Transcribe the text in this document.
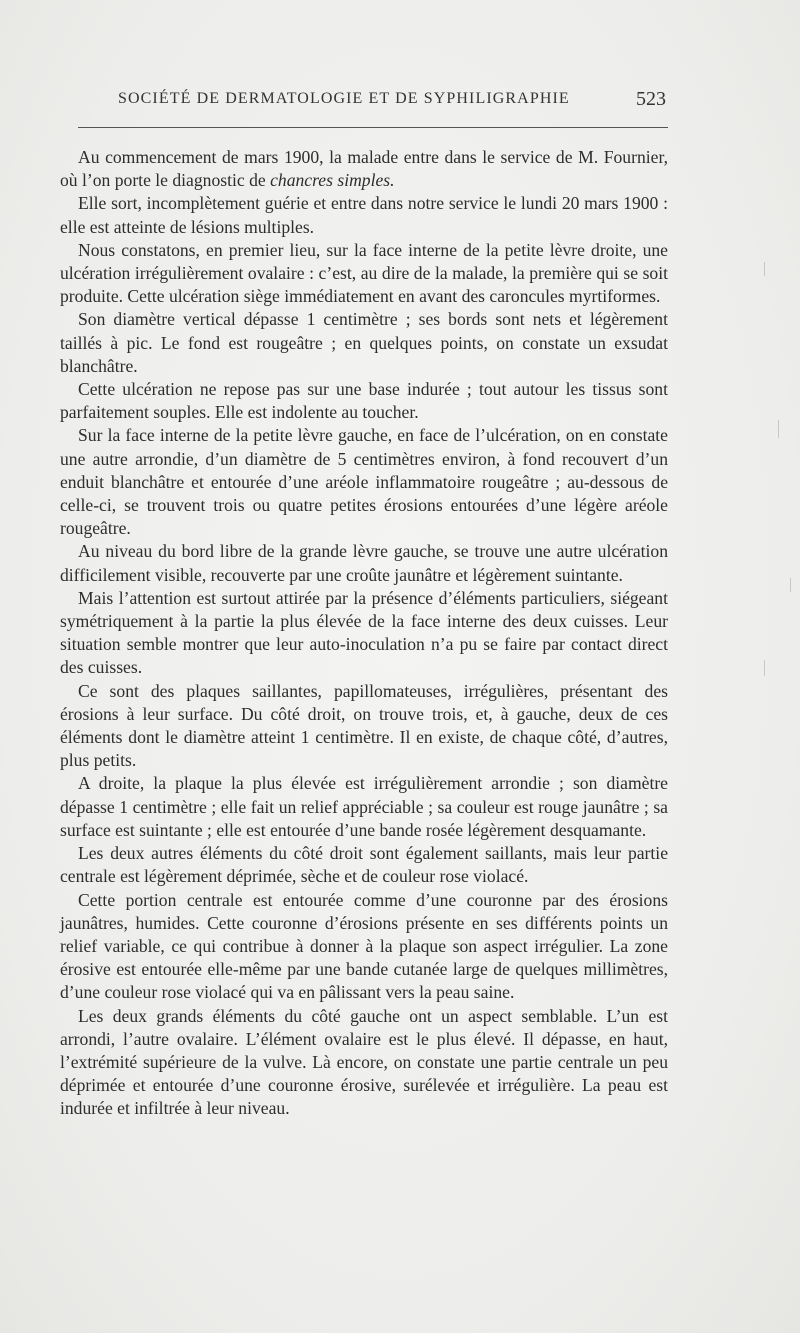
SOCIÉTÉ DE DERMATOLOGIE ET DE SYPHILIGRAPHIE	523

Au commencement de mars 1900, la malade entre dans le service de M. Fournier, où l’on porte le diagnostic de chancres simples.

Elle sort, incomplètement guérie et entre dans notre service le lundi 20 mars 1900 : elle est atteinte de lésions multiples.

Nous constatons, en premier lieu, sur la face interne de la petite lèvre droite, une ulcération irrégulièrement ovalaire : c’est, au dire de la malade, la première qui se soit produite. Cette ulcération siège immédiatement en avant des caroncules myrtiformes.

Son diamètre vertical dépasse 1 centimètre ; ses bords sont nets et légèrement taillés à pic. Le fond est rougeâtre ; en quelques points, on constate un exsudat blanchâtre.

Cette ulcération ne repose pas sur une base indurée ; tout autour les tissus sont parfaitement souples. Elle est indolente au toucher.

Sur la face interne de la petite lèvre gauche, en face de l’ulcération, on en constate une autre arrondie, d’un diamètre de 5 centimètres environ, à fond recouvert d’un enduit blanchâtre et entourée d’une aréole inflammatoire rougeâtre ; au-dessous de celle-ci, se trouvent trois ou quatre petites érosions entourées d’une légère aréole rougeâtre.

Au niveau du bord libre de la grande lèvre gauche, se trouve une autre ulcération difficilement visible, recouverte par une croûte jaunâtre et légèrement suintante.

Mais l’attention est surtout attirée par la présence d’éléments particuliers, siégeant symétriquement à la partie la plus élevée de la face interne des deux cuisses. Leur situation semble montrer que leur auto-inoculation n’a pu se faire par contact direct des cuisses.

Ce sont des plaques saillantes, papillomateuses, irrégulières, présentant des érosions à leur surface. Du côté droit, on trouve trois, et, à gauche, deux de ces éléments dont le diamètre atteint 1 centimètre. Il en existe, de chaque côté, d’autres, plus petits.

A droite, la plaque la plus élevée est irrégulièrement arrondie ; son diamètre dépasse 1 centimètre ; elle fait un relief appréciable ; sa couleur est rouge jaunâtre ; sa surface est suintante ; elle est entourée d’une bande rosée légèrement desquamante.

Les deux autres éléments du côté droit sont également saillants, mais leur partie centrale est légèrement déprimée, sèche et de couleur rose violacé.

Cette portion centrale est entourée comme d’une couronne par des érosions jaunâtres, humides. Cette couronne d’érosions présente en ses différents points un relief variable, ce qui contribue à donner à la plaque son aspect irrégulier. La zone érosive est entourée elle-même par une bande cutanée large de quelques millimètres, d’une couleur rose violacé qui va en pâlissant vers la peau saine.

Les deux grands éléments du côté gauche ont un aspect semblable. L’un est arrondi, l’autre ovalaire. L’élément ovalaire est le plus élevé. Il dépasse, en haut, l’extrémité supérieure de la vulve. Là encore, on constate une partie centrale un peu déprimée et entourée d’une couronne érosive, surélevée et irrégulière. La peau est indurée et infiltrée à leur niveau.
